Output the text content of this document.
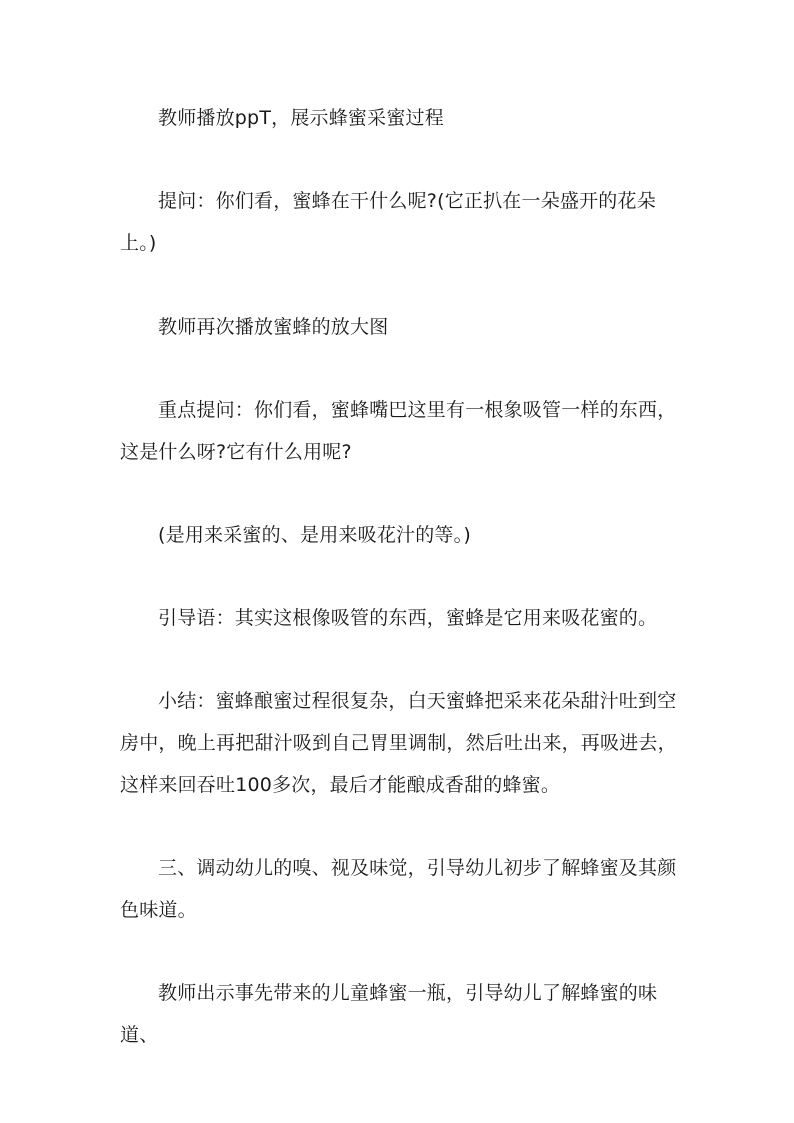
教师播放ppT，展示蜂蜜采蜜过程

提问：你们看，蜜蜂在干什么呢?(它正扒在一朵盛开的花朵上。)

教师再次播放蜜蜂的放大图

重点提问：你们看，蜜蜂嘴巴这里有一根象吸管一样的东西，这是什么呀?它有什么用呢?

(是用来采蜜的、是用来吸花汁的等。)

引导语：其实这根像吸管的东西，蜜蜂是它用来吸花蜜的。

小结：蜜蜂酿蜜过程很复杂，白天蜜蜂把采来花朵甜汁吐到空房中，晚上再把甜汁吸到自己胃里调制，然后吐出来，再吸进去，这样来回吞吐100多次，最后才能酿成香甜的蜂蜜。

三、调动幼儿的嗅、视及味觉，引导幼儿初步了解蜂蜜及其颜色味道。

教师出示事先带来的儿童蜂蜜一瓶，引导幼儿了解蜂蜜的味道、
